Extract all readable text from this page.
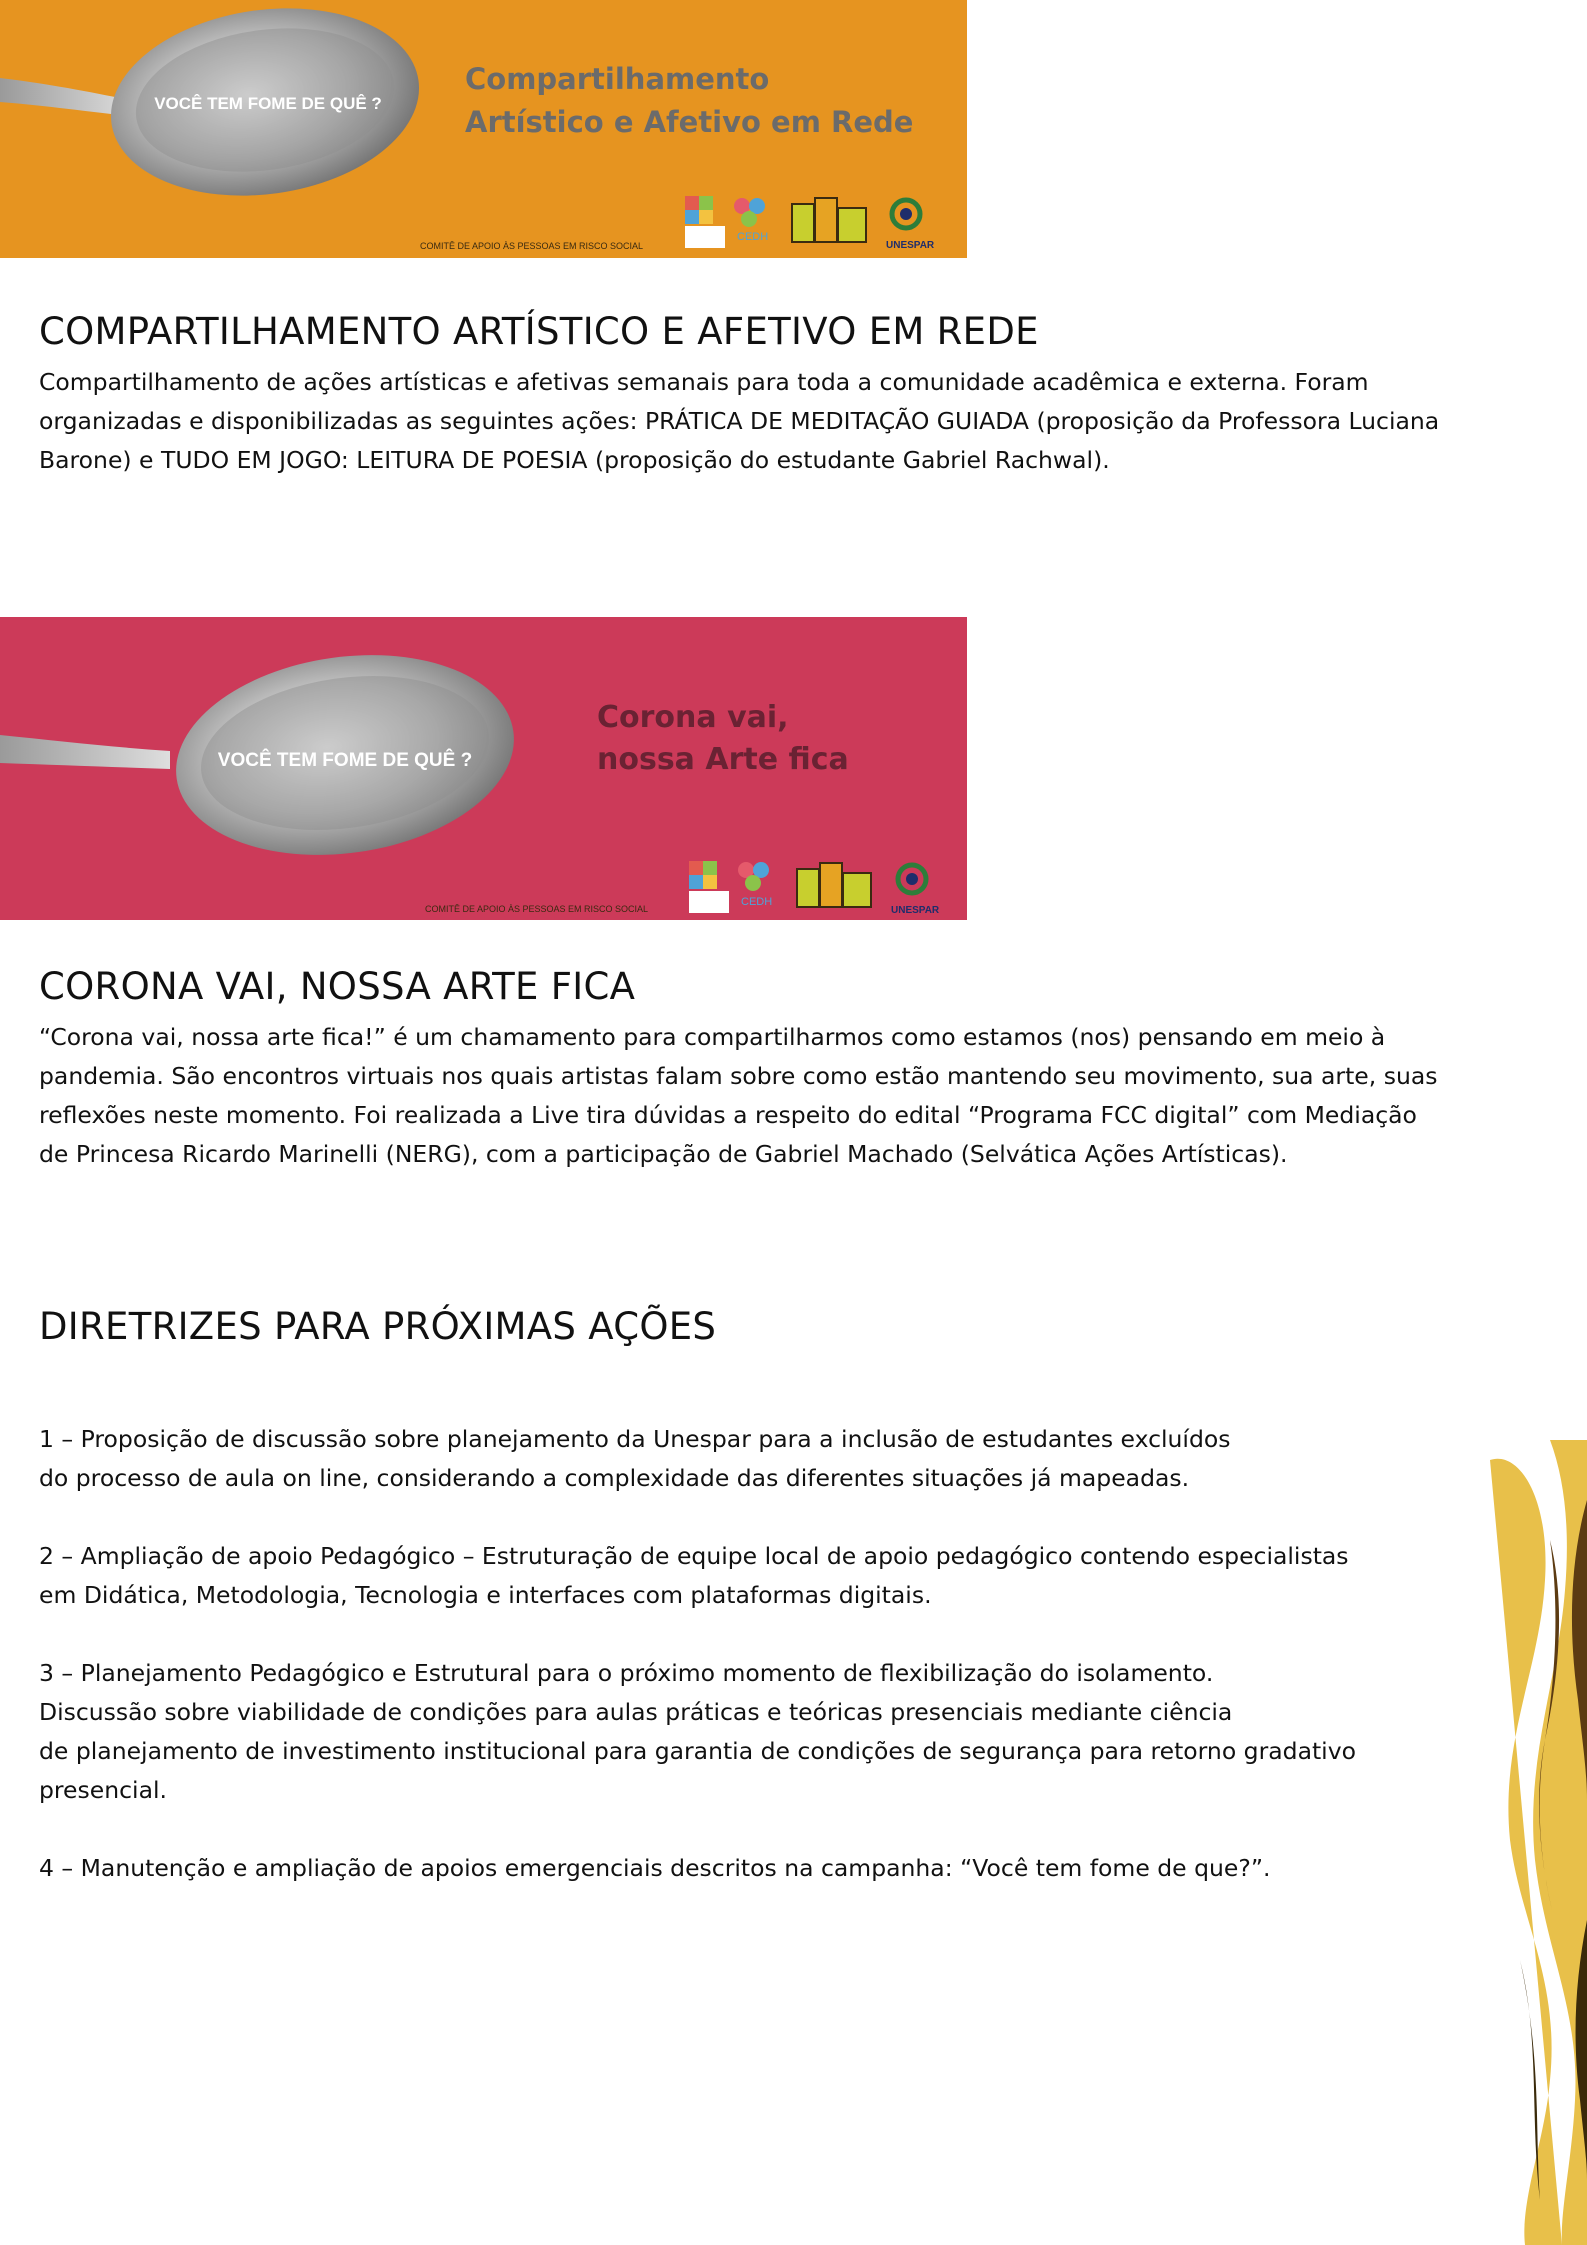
VOCÊ TEM FOME DE QUÊ ?
Compartilhamento
Artístico e Afetivo em Rede
COMITÊ DE APOIO ÀS PESSOAS EM RISCO SOCIAL
CEDH
UNESPAR
COMPARTILHAMENTO ARTÍSTICO E AFETIVO EM REDE
Compartilhamento de ações artísticas e afetivas semanais para toda a comunidade acadêmica e externa. Foram
organizadas e disponibilizadas as seguintes ações: PRÁTICA DE MEDITAÇÃO GUIADA (proposição da Professora Luciana
Barone) e TUDO EM JOGO: LEITURA DE POESIA (proposição do estudante Gabriel Rachwal).
VOCÊ TEM FOME DE QUÊ ?
Corona vai,
nossa Arte fica
COMITÊ DE APOIO ÀS PESSOAS EM RISCO SOCIAL
CEDH
UNESPAR
CORONA VAI, NOSSA ARTE FICA
“Corona vai, nossa arte fica!” é um chamamento para compartilharmos como estamos (nos) pensando em meio à
pandemia. São encontros virtuais nos quais artistas falam sobre como estão mantendo seu movimento, sua arte, suas
reflexões neste momento. Foi realizada a Live tira dúvidas a respeito do edital “Programa FCC digital” com Mediação
de Princesa Ricardo Marinelli (NERG), com a participação de Gabriel Machado (Selvática Ações Artísticas).
DIRETRIZES PARA PRÓXIMAS AÇÕES
1 – Proposição de discussão sobre planejamento da Unespar para a inclusão de estudantes excluídos
do processo de aula on line, considerando a complexidade das diferentes situações já mapeadas.
2 – Ampliação de apoio Pedagógico – Estruturação de equipe local de apoio pedagógico contendo especialistas
em Didática, Metodologia, Tecnologia e interfaces com plataformas digitais.
3 – Planejamento Pedagógico e Estrutural para o próximo momento de flexibilização do isolamento.
Discussão sobre viabilidade de condições para aulas práticas e teóricas presenciais mediante ciência
de planejamento de investimento institucional para garantia de condições de segurança para retorno gradativo
presencial.
4 – Manutenção e ampliação de apoios emergenciais descritos na campanha: “Você tem fome de que?”.
